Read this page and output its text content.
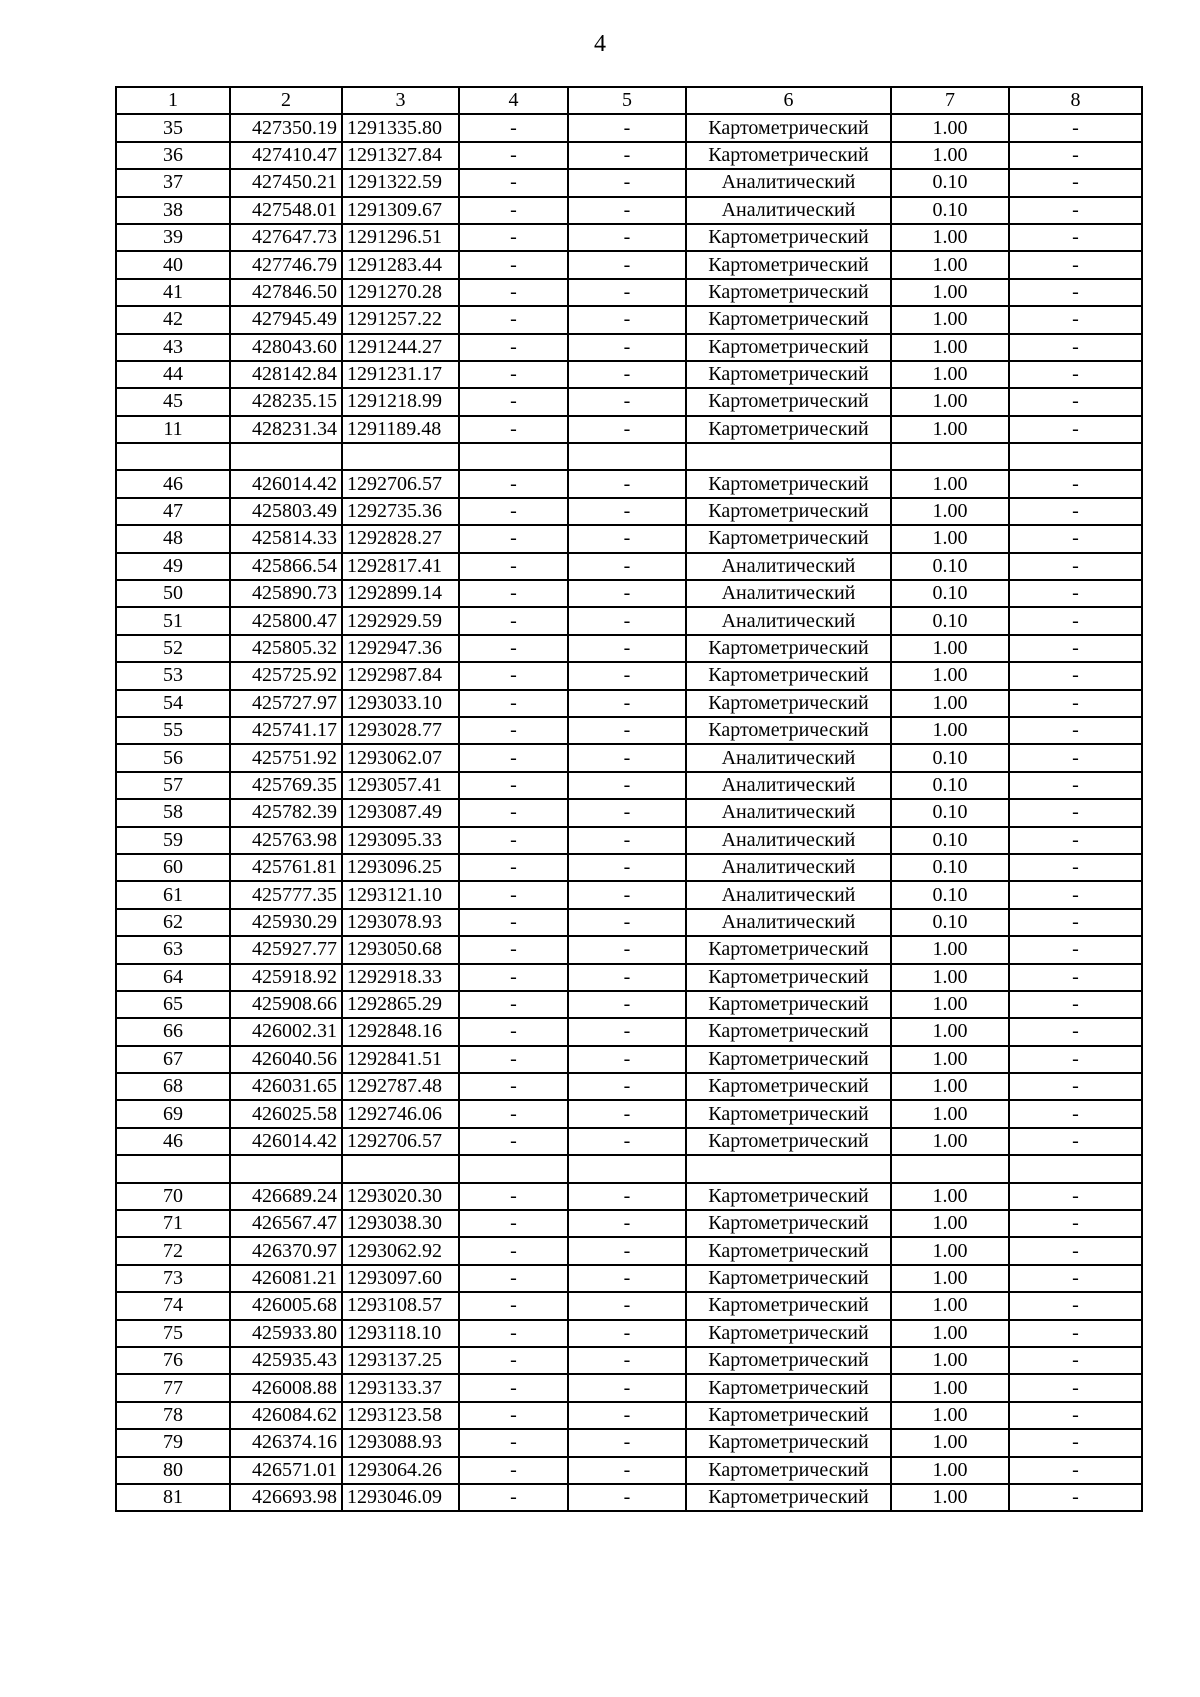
4
1	2	3	4	5	6	7	8
35	427350.19	1291335.80	-	-	Картометрический	1.00	-
36	427410.47	1291327.84	-	-	Картометрический	1.00	-
37	427450.21	1291322.59	-	-	Аналитический	0.10	-
38	427548.01	1291309.67	-	-	Аналитический	0.10	-
39	427647.73	1291296.51	-	-	Картометрический	1.00	-
40	427746.79	1291283.44	-	-	Картометрический	1.00	-
41	427846.50	1291270.28	-	-	Картометрический	1.00	-
42	427945.49	1291257.22	-	-	Картометрический	1.00	-
43	428043.60	1291244.27	-	-	Картометрический	1.00	-
44	428142.84	1291231.17	-	-	Картометрический	1.00	-
45	428235.15	1291218.99	-	-	Картометрический	1.00	-
11	428231.34	1291189.48	-	-	Картометрический	1.00	-

46	426014.42	1292706.57	-	-	Картометрический	1.00	-
47	425803.49	1292735.36	-	-	Картометрический	1.00	-
48	425814.33	1292828.27	-	-	Картометрический	1.00	-
49	425866.54	1292817.41	-	-	Аналитический	0.10	-
50	425890.73	1292899.14	-	-	Аналитический	0.10	-
51	425800.47	1292929.59	-	-	Аналитический	0.10	-
52	425805.32	1292947.36	-	-	Картометрический	1.00	-
53	425725.92	1292987.84	-	-	Картометрический	1.00	-
54	425727.97	1293033.10	-	-	Картометрический	1.00	-
55	425741.17	1293028.77	-	-	Картометрический	1.00	-
56	425751.92	1293062.07	-	-	Аналитический	0.10	-
57	425769.35	1293057.41	-	-	Аналитический	0.10	-
58	425782.39	1293087.49	-	-	Аналитический	0.10	-
59	425763.98	1293095.33	-	-	Аналитический	0.10	-
60	425761.81	1293096.25	-	-	Аналитический	0.10	-
61	425777.35	1293121.10	-	-	Аналитический	0.10	-
62	425930.29	1293078.93	-	-	Аналитический	0.10	-
63	425927.77	1293050.68	-	-	Картометрический	1.00	-
64	425918.92	1292918.33	-	-	Картометрический	1.00	-
65	425908.66	1292865.29	-	-	Картометрический	1.00	-
66	426002.31	1292848.16	-	-	Картометрический	1.00	-
67	426040.56	1292841.51	-	-	Картометрический	1.00	-
68	426031.65	1292787.48	-	-	Картометрический	1.00	-
69	426025.58	1292746.06	-	-	Картометрический	1.00	-
46	426014.42	1292706.57	-	-	Картометрический	1.00	-

70	426689.24	1293020.30	-	-	Картометрический	1.00	-
71	426567.47	1293038.30	-	-	Картометрический	1.00	-
72	426370.97	1293062.92	-	-	Картометрический	1.00	-
73	426081.21	1293097.60	-	-	Картометрический	1.00	-
74	426005.68	1293108.57	-	-	Картометрический	1.00	-
75	425933.80	1293118.10	-	-	Картометрический	1.00	-
76	425935.43	1293137.25	-	-	Картометрический	1.00	-
77	426008.88	1293133.37	-	-	Картометрический	1.00	-
78	426084.62	1293123.58	-	-	Картометрический	1.00	-
79	426374.16	1293088.93	-	-	Картометрический	1.00	-
80	426571.01	1293064.26	-	-	Картометрический	1.00	-
81	426693.98	1293046.09	-	-	Картометрический	1.00	-
